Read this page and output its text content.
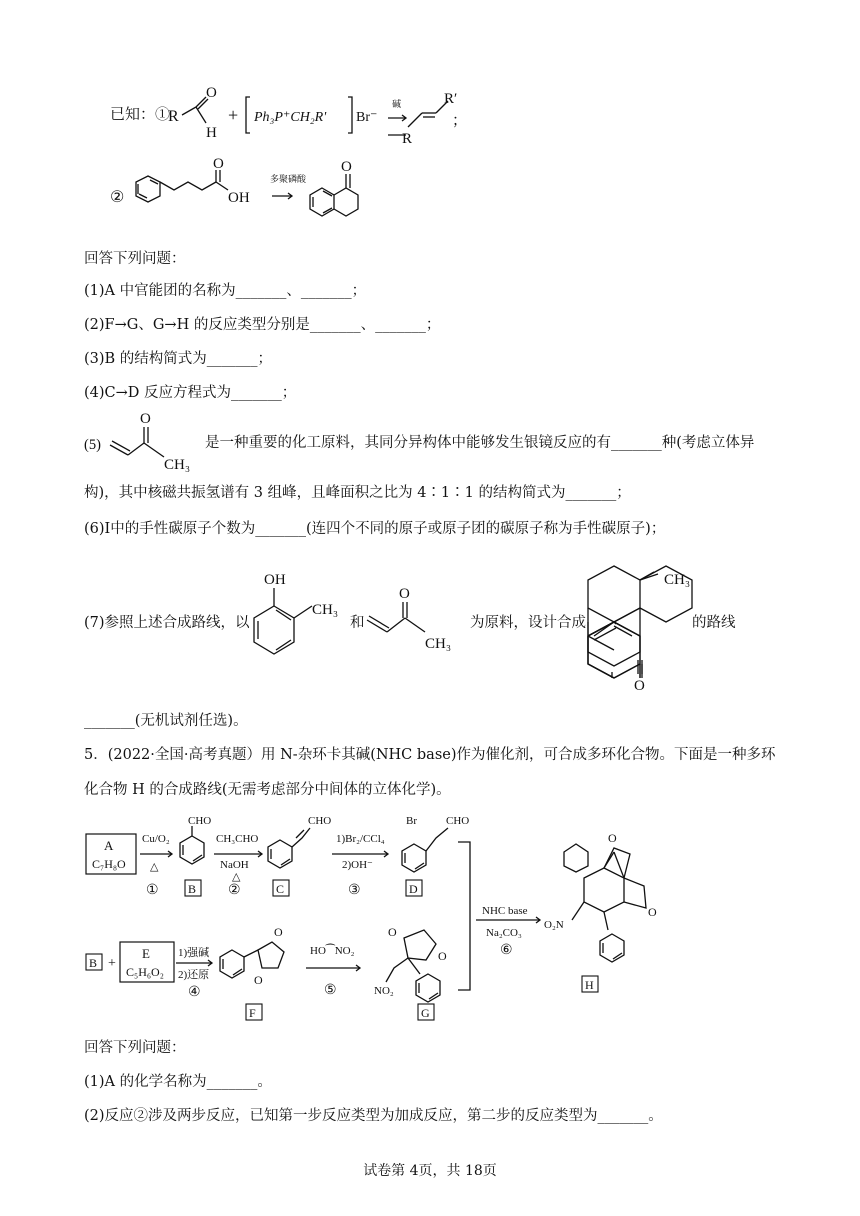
已知：①
R
O
H
+ Ph₃P⁺CH₂R' Br⁻
碱
R
R′
；
②
O
OH
多聚磷酸
O
回答下列问题：
(1)A 中官能团的名称为_______、_______；
(2)F→G、G→H 的反应类型分别是_______、_______；
(3)B 的结构简式为_______；
(4)C→D 反应方程式为_______；
(5)
O
CH₃
是一种重要的化工原料，其同分异构体中能够发生银镜反应的有_______种(考虑立体异
构)，其中核磁共振氢谱有 3 组峰，且峰面积之比为 4∶1∶1 的结构简式为_______；
(6)I中的手性碳原子个数为_______(连四个不同的原子或原子团的碳原子称为手性碳原子)；
(7)参照上述合成路线，以
OH
CH₃
和
O
CH₃
为原料，设计合成
CH₃
O
的路线
_______(无机试剂任选)。
5．(2022·全国·高考真题）用 N-杂环卡其碱(NHC base)作为催化剂，可合成多环化合物。下面是一种多环
化合物 H 的合成路线(无需考虑部分中间体的立体化学)。
A
C₇H₈O
Cu/O₂
△
①
CHO
B
CH₃CHO
NaOH
△
②
CHO
C
1)Br₂/CCl₄
2)OH⁻
③
Br	CHO
D
NHC base
Na₂CO₃
⑥
O
O
O₂N
H
B +
E
C₅H₆O₂
1)强碱
2)还原
④
O
O
F
HO⁀NO₂
⑤
O
O
NO₂
G
回答下列问题：
(1)A 的化学名称为_______。
(2)反应②涉及两步反应，已知第一步反应类型为加成反应，第二步的反应类型为_______。
试卷第 4页，共 18页
